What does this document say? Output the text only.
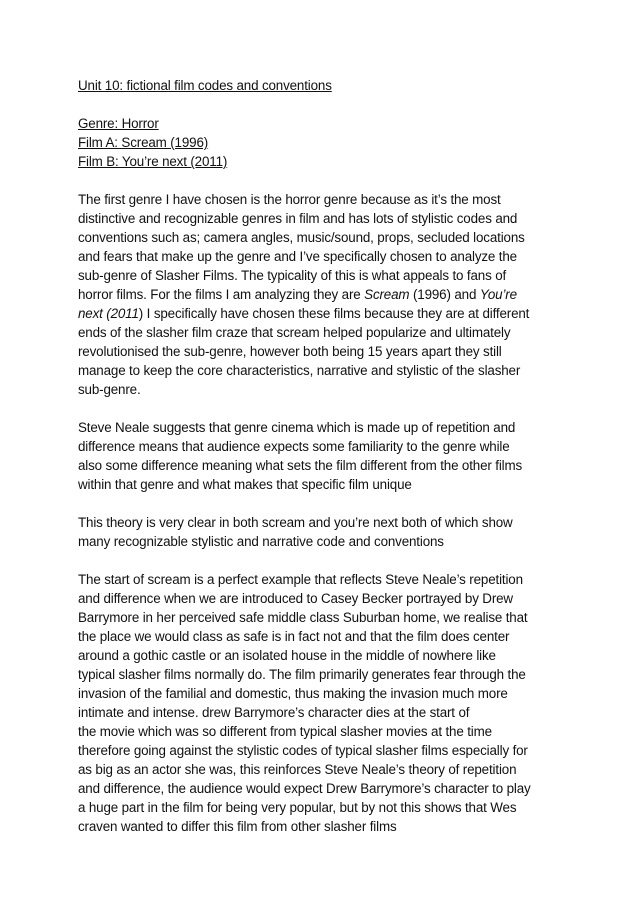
Unit 10: fictional film codes and conventions

Genre: Horror

Film A: Scream (1996)

Film B: You’re next (2011)

The first genre I have chosen is the horror genre because as it’s the most
distinctive and recognizable genres in film and has lots of stylistic codes and
conventions such as; camera angles, music/sound, props, secluded locations
and fears that make up the genre and I’ve specifically chosen to analyze the
sub-genre of Slasher Films. The typicality of this is what appeals to fans of
horror films. For the films I am analyzing they are Scream (1996) and You’re
next (2011) I specifically have chosen these films because they are at different
ends of the slasher film craze that scream helped popularize and ultimately
revolutionised the sub-genre, however both being 15 years apart they still
manage to keep the core characteristics, narrative and stylistic of the slasher
sub-genre.

Steve Neale suggests that genre cinema which is made up of repetition and
difference means that audience expects some familiarity to the genre while
also some difference meaning what sets the film different from the other films
within that genre and what makes that specific film unique

This theory is very clear in both scream and you’re next both of which show
many recognizable stylistic and narrative code and conventions

The start of scream is a perfect example that reflects Steve Neale’s repetition
and difference when we are introduced to Casey Becker portrayed by Drew
Barrymore in her perceived safe middle class Suburban home, we realise that
the place we would class as safe is in fact not and that the film does center
around a gothic castle or an isolated house in the middle of nowhere like
typical slasher films normally do. The film primarily generates fear through the
invasion of the familial and domestic, thus making the invasion much more
intimate and intense. drew Barrymore’s character dies at the start of
the movie which was so different from typical slasher movies at the time
therefore going against the stylistic codes of typical slasher films especially for
as big as an actor she was, this reinforces Steve Neale’s theory of repetition
and difference, the audience would expect Drew Barrymore’s character to play
a huge part in the film for being very popular, but by not this shows that Wes
craven wanted to differ this film from other slasher films
